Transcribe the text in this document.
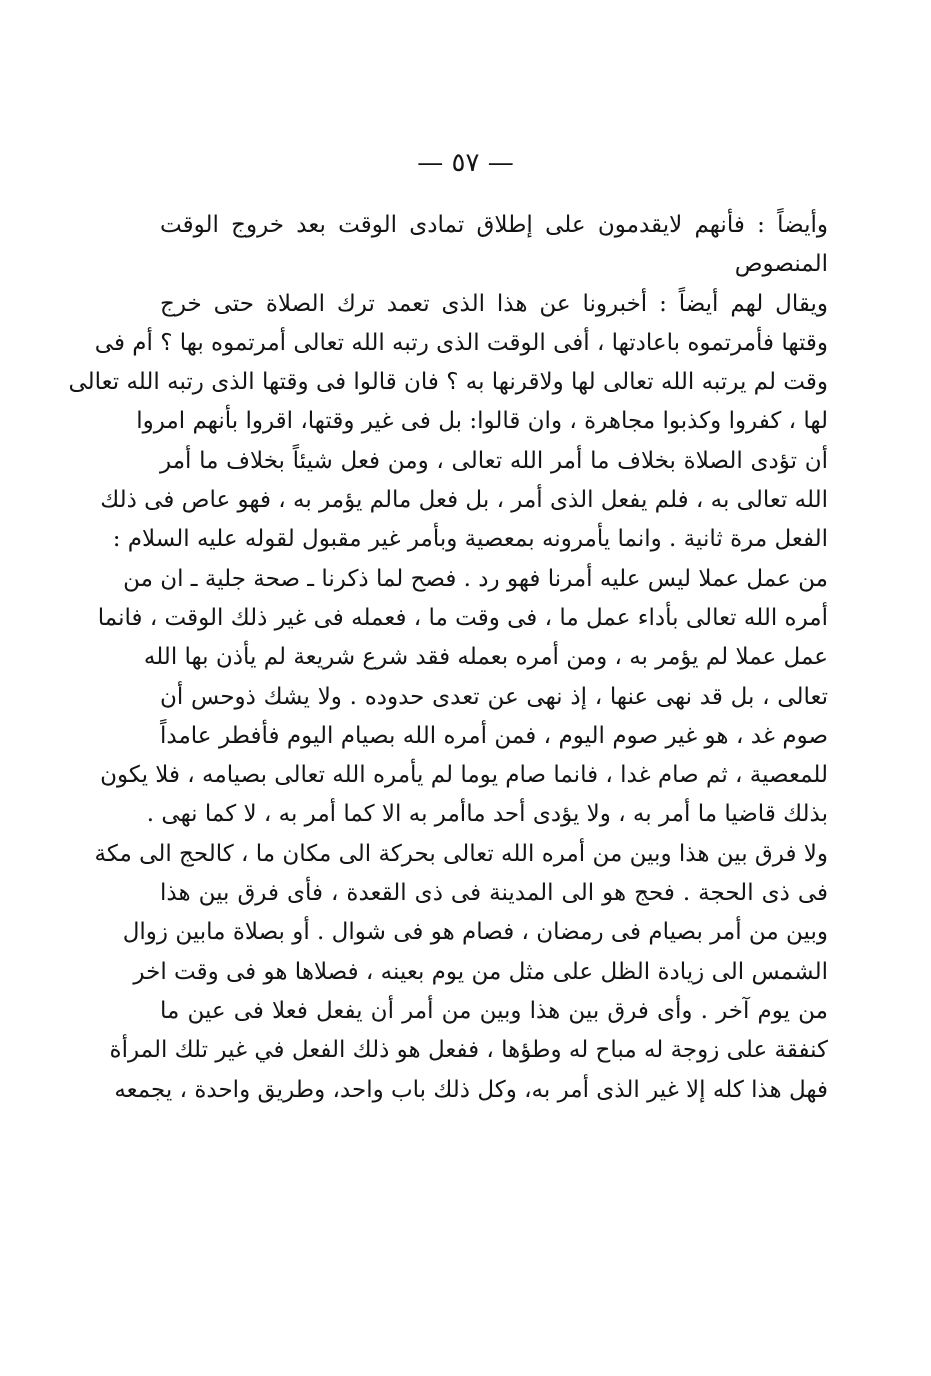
— ٥٧ —
وأيضاً : فأنهم لايقدمون على إطلاق تمادى الوقت بعد خروج الوقت
المنصوص
ويقال لهم أيضاً : أخبرونا عن هذا الذى تعمد ترك الصلاة حتى خرج
وقتها فأمرتموه باعادتها ، أفى الوقت الذى رتبه الله تعالى أمرتموه بها ؟ أم فى
وقت لم يرتبه الله تعالى لها ولاقرنها به ؟ فان قالوا فى وقتها الذى رتبه الله تعالى
لها ، كفروا وكذبوا مجاهرة ، وان قالوا: بل فى غير وقتها، اقروا بأنهم امروا
أن تؤدى الصلاة بخلاف ما أمر الله تعالى ، ومن فعل شيئاً بخلاف ما أمر
الله تعالى به ، فلم يفعل الذى أمر ، بل فعل مالم يؤمر به ، فهو عاص فى ذلك
الفعل مرة ثانية . وانما يأمرونه بمعصية وبأمر غير مقبول لقوله عليه السلام :
من عمل عملا ليس عليه أمرنا فهو رد . فصح لما ذكرنا ـ صحة جلية ـ ان من
أمره الله تعالى بأداء عمل ما ، فى وقت ما ، فعمله فى غير ذلك الوقت ، فانما
عمل عملا لم يؤمر به ، ومن أمره بعمله فقد شرع شريعة لم يأذن بها الله
تعالى ، بل قد نهى عنها ، إذ نهى عن تعدى حدوده . ولا يشك ذوحس أن
صوم غد ، هو غير صوم اليوم ، فمن أمره الله بصيام اليوم فأفطر عامداً
للمعصية ، ثم صام غدا ، فانما صام يوما لم يأمره الله تعالى بصيامه ، فلا يكون
بذلك قاضيا ما أمر به ، ولا يؤدى أحد ماأمر به الا كما أمر به ، لا كما نهى .
ولا فرق بين هذا وبين من أمره الله تعالى بحركة الى مكان ما ، كالحج الى مكة
فى ذى الحجة . فحج هو الى المدينة فى ذى القعدة ، فأى فرق بين هذا
وبين من أمر بصيام فى رمضان ، فصام هو فى شوال . أو بصلاة مابين زوال
الشمس الى زيادة الظل على مثل من يوم بعينه ، فصلاها هو فى وقت اخر
من يوم آخر . وأى فرق بين هذا وبين من أمر أن يفعل فعلا فى عين ما
كنفقة على زوجة له مباح له وطؤها ، ففعل هو ذلك الفعل في غير تلك المرأة
فهل هذا كله إلا غير الذى أمر به، وكل ذلك باب واحد، وطريق واحدة ، يجمعه
